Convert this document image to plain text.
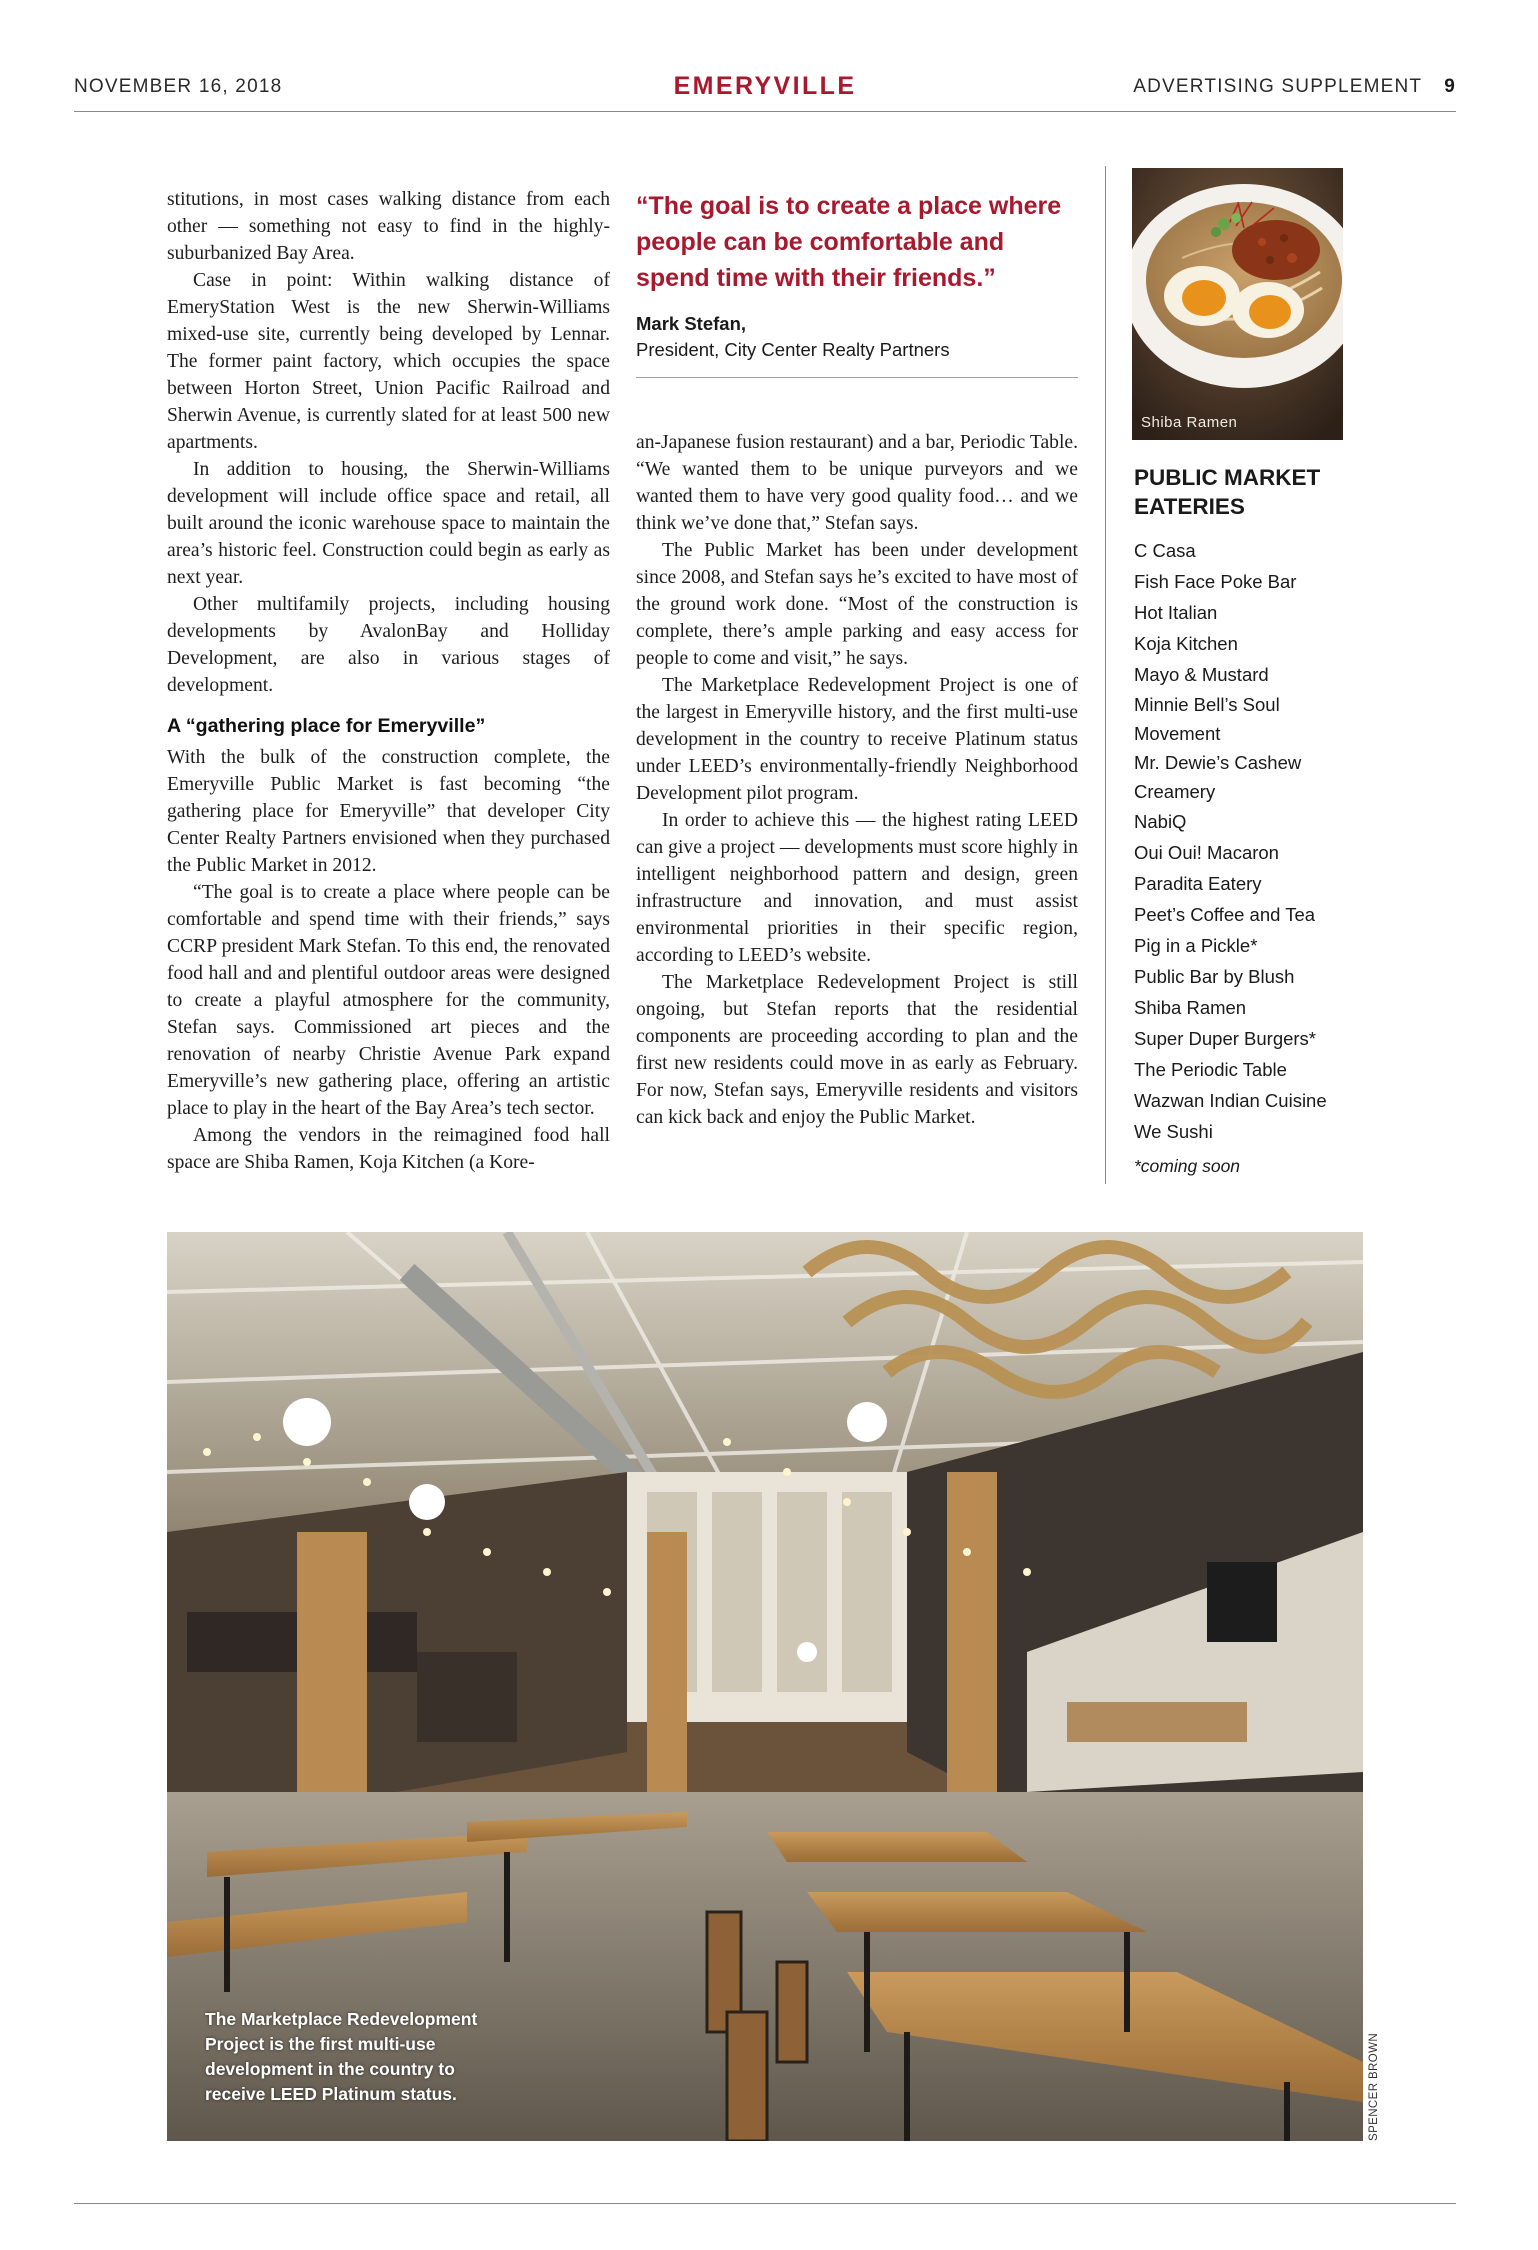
NOVEMBER 16, 2018	EMERYVILLE	ADVERTISING SUPPLEMENT 9

stitutions, in most cases walking distance from each other — something not easy to find in the highly-suburbanized Bay Area.

Case in point: Within walking distance of EmeryStation West is the new Sherwin-Williams mixed-use site, currently being developed by Lennar. The former paint factory, which occupies the space between Horton Street, Union Pacific Railroad and Sherwin Avenue, is currently slated for at least 500 new apartments.

In addition to housing, the Sherwin-Williams development will include office space and retail, all built around the iconic warehouse space to maintain the area’s historic feel. Construction could begin as early as next year.

Other multifamily projects, including housing developments by AvalonBay and Holliday Development, are also in various stages of development.

A “gathering place for Emeryville”

With the bulk of the construction complete, the Emeryville Public Market is fast becoming “the gathering place for Emeryville” that developer City Center Realty Partners envisioned when they purchased the Public Market in 2012.

“The goal is to create a place where people can be comfortable and spend time with their friends,” says CCRP president Mark Stefan. To this end, the renovated food hall and and plentiful outdoor areas were designed to create a playful atmosphere for the community, Stefan says. Commissioned art pieces and the renovation of nearby Christie Avenue Park expand Emeryville’s new gathering place, offering an artistic place to play in the heart of the Bay Area’s tech sector.

Among the vendors in the reimagined food hall space are Shiba Ramen, Koja Kitchen (a Kore-

“The goal is to create a place where people can be comfortable and spend time with their friends.”
Mark Stefan,
President, City Center Realty Partners

an-Japanese fusion restaurant) and a bar, Periodic Table. “We wanted them to be unique purveyors and we wanted them to have very good quality food… and we think we’ve done that,” Stefan says.

The Public Market has been under development since 2008, and Stefan says he’s excited to have most of the ground work done. “Most of the construction is complete, there’s ample parking and easy access for people to come and visit,” he says.

The Marketplace Redevelopment Project is one of the largest in Emeryville history, and the first multi-use development in the country to receive Platinum status under LEED’s environmentally-friendly Neighborhood Development pilot program.

In order to achieve this — the highest rating LEED can give a project — developments must score highly in intelligent neighborhood pattern and design, green infrastructure and innovation, and must assist environmental priorities in their specific region, according to LEED’s website.

The Marketplace Redevelopment Project is still ongoing, but Stefan reports that the residential components are proceeding according to plan and the first new residents could move in as early as February. For now, Stefan says, Emeryville residents and visitors can kick back and enjoy the Public Market.

Shiba Ramen
PUBLIC MARKET EATERIES
C Casa
Fish Face Poke Bar
Hot Italian
Koja Kitchen
Mayo & Mustard
Minnie Bell’s Soul Movement
Mr. Dewie’s Cashew Creamery
NabiQ
Oui Oui! Macaron
Paradita Eatery
Peet’s Coffee and Tea
Pig in a Pickle*
Public Bar by Blush
Shiba Ramen
Super Duper Burgers*
The Periodic Table
Wazwan Indian Cuisine
We Sushi
*coming soon
The Marketplace Redevelopment Project is the first multi-use development in the country to receive LEED Platinum status.	SPENCER BROWN
